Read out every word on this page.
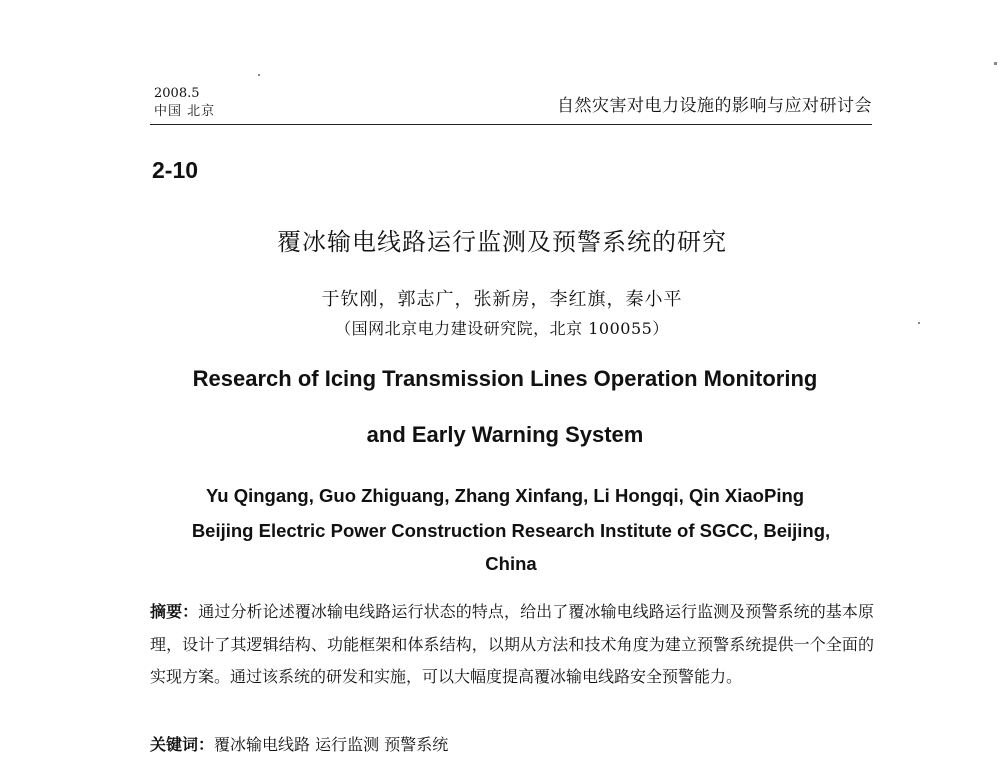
2008.5
中国 北京	自然灾害对电力设施的影响与应对研讨会
2-10
覆冰输电线路运行监测及预警系统的研究
于钦刚，郭志广，张新房，李红旗，秦小平
（国网北京电力建设研究院，北京 100055）
Research of Icing Transmission Lines Operation Monitoring
and Early Warning System
Yu Qingang, Guo Zhiguang, Zhang Xinfang, Li Hongqi, Qin XiaoPing
Beijing Electric Power Construction Research Institute of SGCC, Beijing,
China
摘要：通过分析论述覆冰输电线路运行状态的特点，给出了覆冰输电线路运行监测及预警系统的基本原理，设计了其逻辑结构、功能框架和体系结构，以期从方法和技术角度为建立预警系统提供一个全面的实现方案。通过该系统的研发和实施，可以大幅度提高覆冰输电线路安全预警能力。
关键词：覆冰输电线路 运行监测 预警系统
